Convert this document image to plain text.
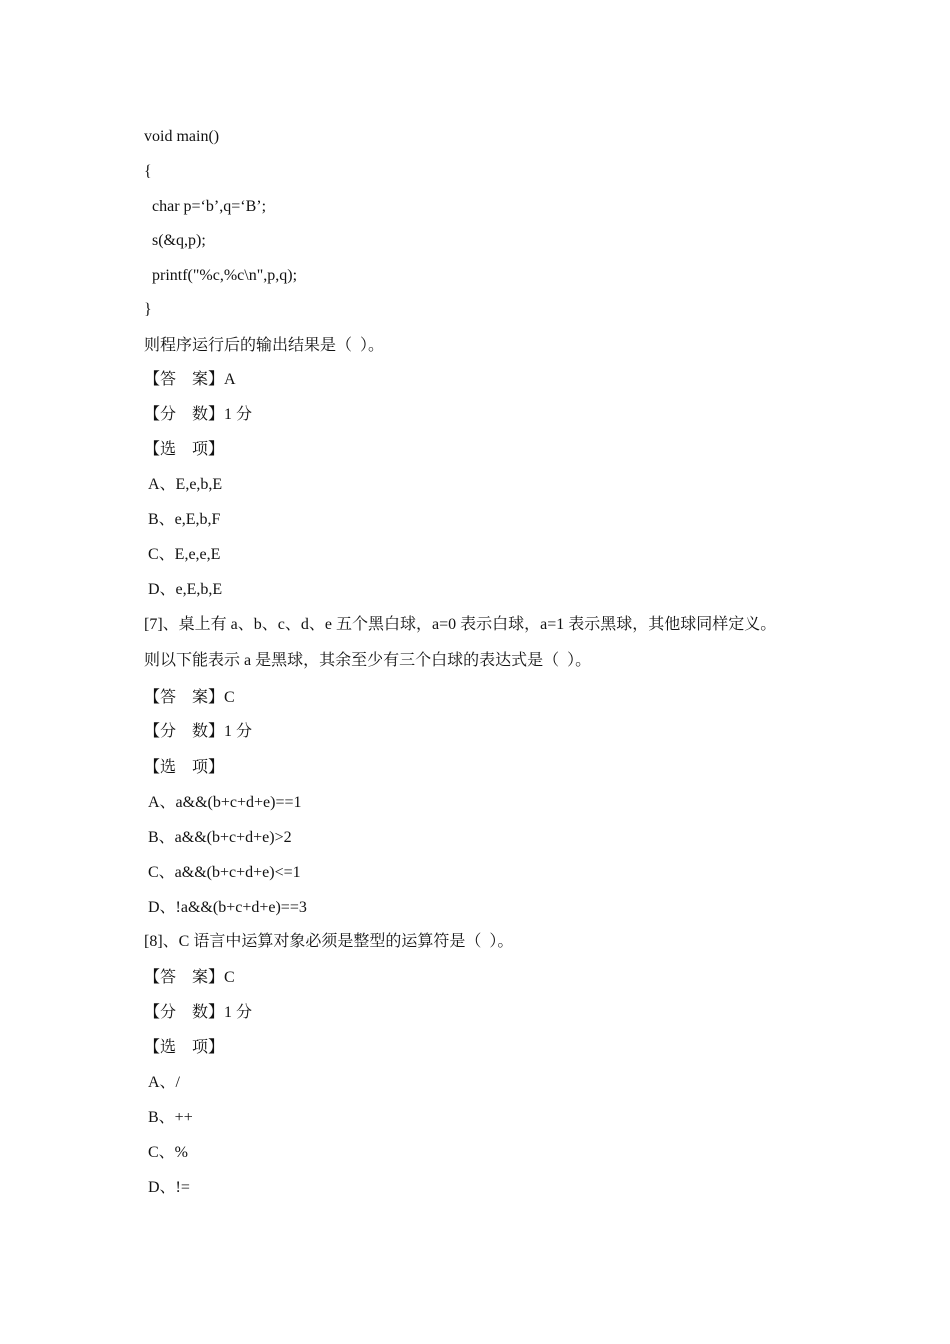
void main()
{
char p=‘b’,q=‘B’;
s(&q,p);
printf("%c,%c\n",p,q);
}
则程序运行后的输出结果是（  ）。
【答    案】A
【分    数】1 分
【选    项】
A、E,e,b,E
B、e,E,b,F
C、E,e,e,E
D、e,E,b,E
[7]、桌上有 a、b、c、d、e 五个黑白球，a=0 表示白球，a=1 表示黑球，其他球同样定义。
则以下能表示 a 是黑球，其余至少有三个白球的表达式是（  ）。
【答    案】C
【分    数】1 分
【选    项】
A、a&&(b+c+d+e)==1
B、a&&(b+c+d+e)>2
C、a&&(b+c+d+e)<=1
D、!a&&(b+c+d+e)==3
[8]、C 语言中运算对象必须是整型的运算符是（  ）。
【答    案】C
【分    数】1 分
【选    项】
A、/
B、++
C、%
D、!=
